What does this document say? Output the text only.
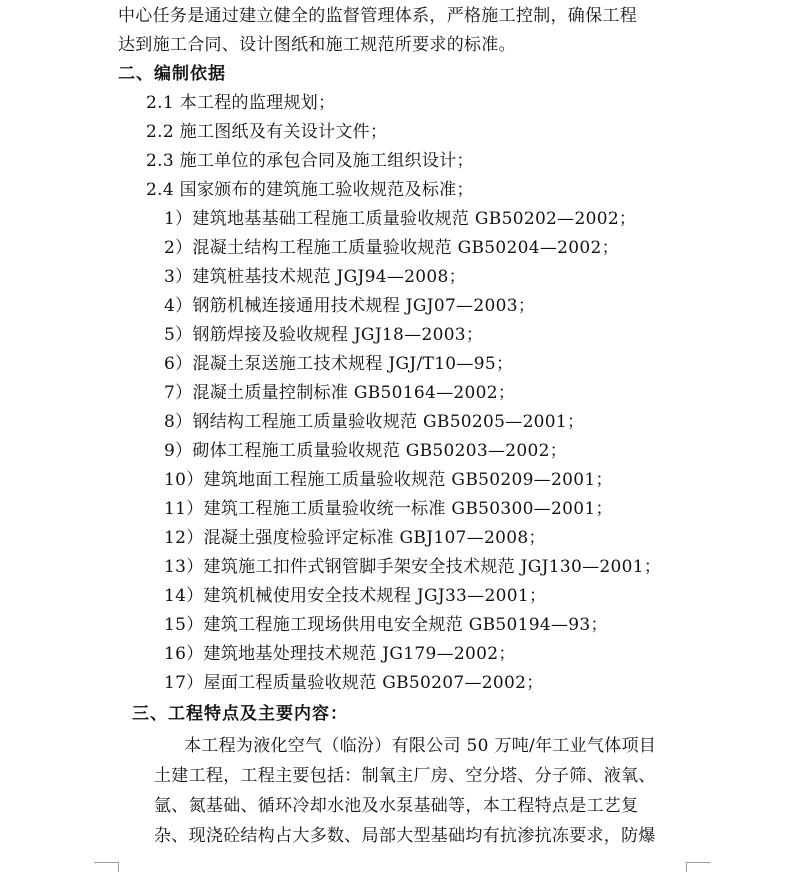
中心任务是通过建立健全的监督管理体系，严格施工控制，确保工程
达到施工合同、设计图纸和施工规范所要求的标准。
二、编制依据
2.1 本工程的监理规划；
2.2 施工图纸及有关设计文件；
2.3 施工单位的承包合同及施工组织设计；
2.4 国家颁布的建筑施工验收规范及标准；
1）建筑地基基础工程施工质量验收规范 GB50202—2002；
2）混凝土结构工程施工质量验收规范 GB50204—2002；
3）建筑桩基技术规范 JGJ94—2008；
4）钢筋机械连接通用技术规程 JGJ07—2003；
5）钢筋焊接及验收规程 JGJ18—2003；
6）混凝土泵送施工技术规程 JGJ/T10—95；
7）混凝土质量控制标准 GB50164—2002；
8）钢结构工程施工质量验收规范 GB50205—2001；
9）砌体工程施工质量验收规范 GB50203—2002；
10）建筑地面工程施工质量验收规范 GB50209—2001；
11）建筑工程施工质量验收统一标准 GB50300—2001；
12）混凝土强度检验评定标准 GBJ107—2008；
13）建筑施工扣件式钢管脚手架安全技术规范 JGJ130—2001；
14）建筑机械使用安全技术规程 JGJ33—2001；
15）建筑工程施工现场供用电安全规范 GB50194—93；
16）建筑地基处理技术规范 JG179—2002；
17）屋面工程质量验收规范 GB50207—2002；
三、工程特点及主要内容：
本工程为液化空气（临汾）有限公司 50 万吨/年工业气体项目
土建工程，工程主要包括：制氧主厂房、空分塔、分子筛、液氧、
氩、氮基础、循环冷却水池及水泵基础等，本工程特点是工艺复
杂、现浇砼结构占大多数、局部大型基础均有抗渗抗冻要求，防爆
